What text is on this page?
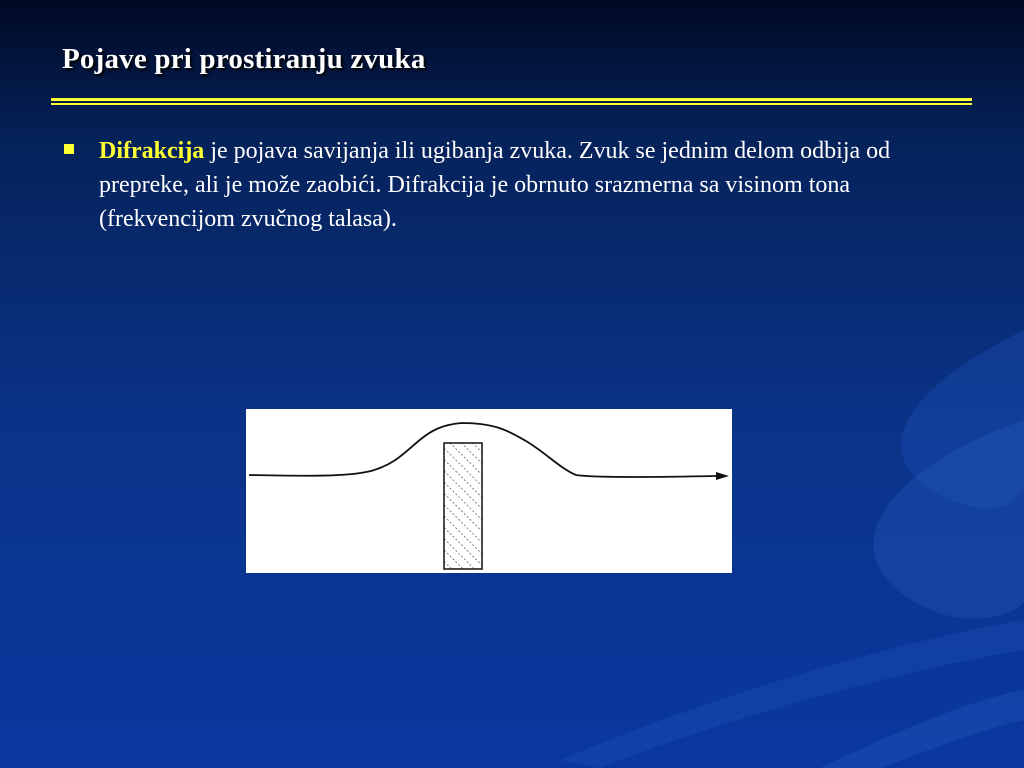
Pojave pri prostiranju zvuka
Difrakcija je pojava savijanja ili ugibanja zvuka. Zvuk se jednim delom odbija od prepreke, ali je može zaobići. Difrakcija je obrnuto srazmerna sa visinom tona (frekvencijom zvučnog talasa).
